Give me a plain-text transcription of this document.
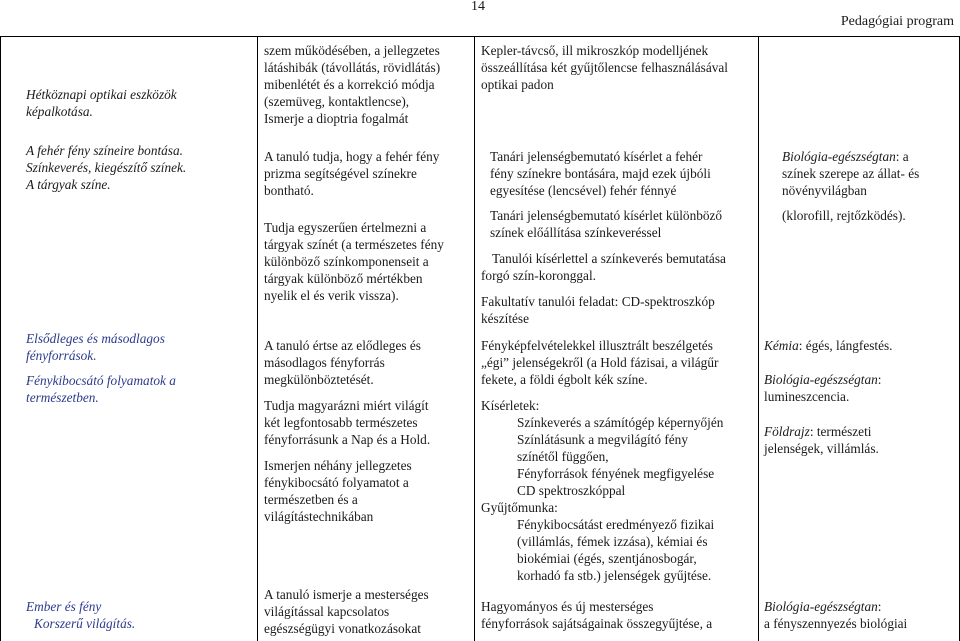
14
Pedagógiai program

Hétköznapi optikai eszközök

képalkotása.

A fehér fény színeire bontása.

Színkeverés, kiegészítő színek.

A tárgyak színe.

Elsődleges és másodlagos

fényforrások.

Fénykibocsátó folyamatok a

természetben.

Ember és fény

Korszerű világítás.

szem működésében, a jellegzetes

látáshibák (távollátás, rövidlátás)

mibenlétét és a korrekció módja

(szemüveg, kontaktlencse),

Ismerje a dioptria fogalmát

A tanuló tudja, hogy a fehér fény

prizma segítségével színekre

bontható.

Tudja egyszerűen értelmezni a

tárgyak színét (a természetes fény

különböző színkomponenseit a

tárgyak különböző mértékben

nyelik el és verik vissza).

A tanuló értse az elődleges és

másodlagos fényforrás

megkülönböztetését.

Tudja magyarázni miért világít

két legfontosabb természetes

fényforrásunk a Nap és a Hold.

Ismerjen néhány jellegzetes

fénykibocsátó folyamatot a

természetben és a

világítástechnikában

A tanuló ismerje a mesterséges

világítással kapcsolatos

egészségügyi vonatkozásokat

Kepler-távcső, ill mikroszkóp modelljének

összeállítása két gyűjtőlencse felhasználásával

optikai padon

Tanári jelenségbemutató kísérlet a fehér

fény színekre bontására, majd ezek újbóli

egyesítése (lencsével) fehér fénnyé

Tanári jelenségbemutató kísérlet különböző

színek előállítása színkeveréssel

Tanulói kísérlettel a színkeverés bemutatása

forgó szín-koronggal.

Fakultatív tanulói feladat: CD-spektroszkóp

készítése

Fényképfelvételekkel illusztrált beszélgetés

„égi” jelenségekről (a Hold fázisai, a világűr

fekete, a földi égbolt kék színe.

Kísérletek:

Színkeverés a számítógép képernyőjén

Színlátásunk a megvilágító fény

színétől függően,

Fényforrások fényének megfigyelése

CD spektroszkóppal

Gyűjtőmunka:

Fénykibocsátást eredményező fizikai

(villámlás, fémek izzása), kémiai és

biokémiai (égés, szentjánosbogár,

korhadó fa stb.) jelenségek gyűjtése.

Hagyományos és új mesterséges

fényforrások sajátságainak összegyűjtése, a

Biológia-egészségtan: a

színek szerepe az állat- és

növényvilágban

(klorofill, rejtőzködés).

Kémia: égés, lángfestés.

Biológia-egészségtan:

lumineszcencia.

Földrajz: természeti

jelenségek, villámlás.

Biológia-egészségtan:

a fényszennyezés biológiai
